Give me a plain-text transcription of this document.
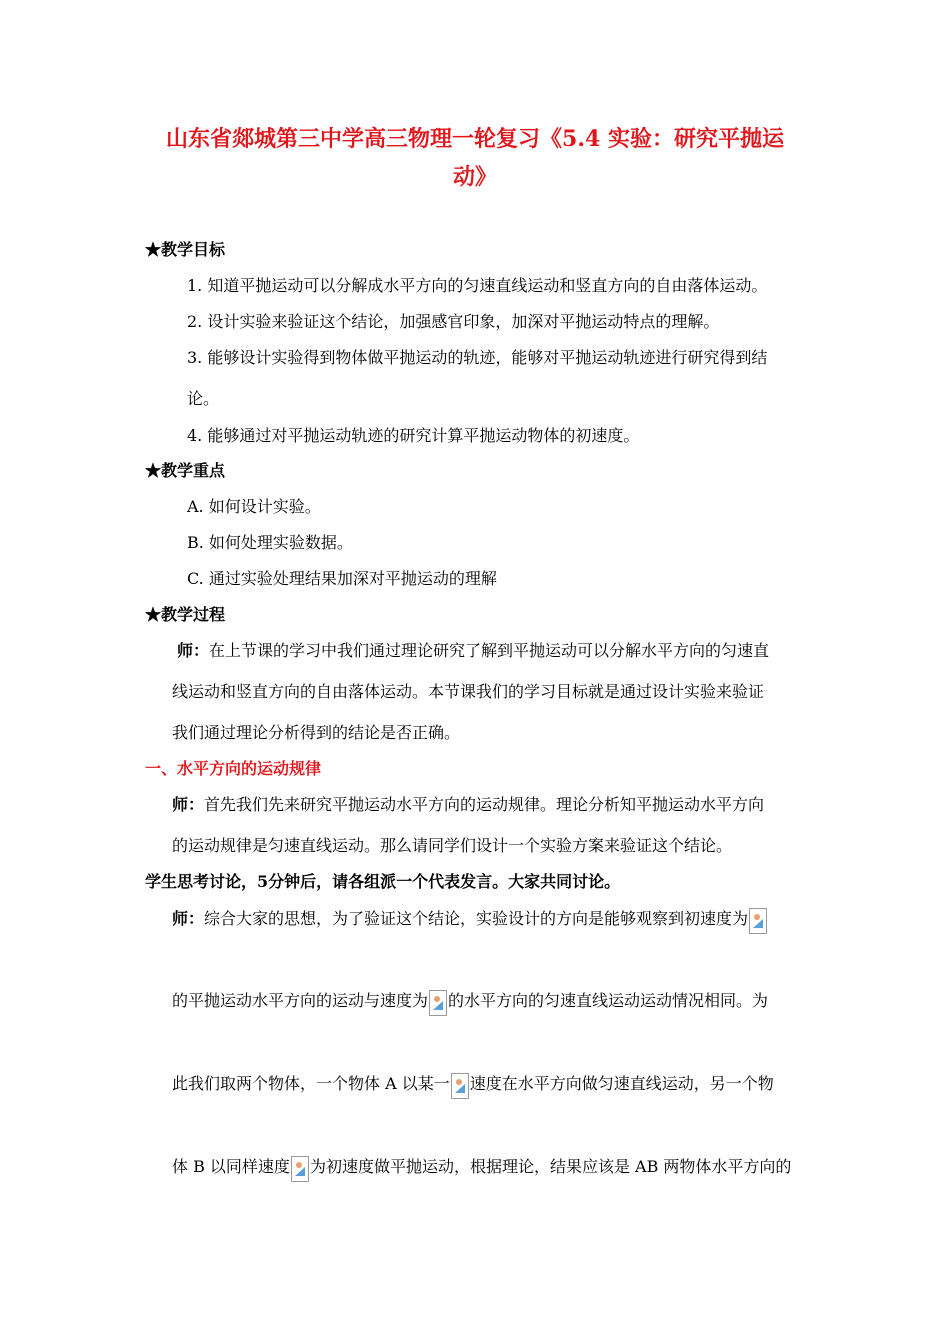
山东省郯城第三中学高三物理一轮复习《5.4 实验：研究平抛运
动》
★教学目标
1. 知道平抛运动可以分解成水平方向的匀速直线运动和竖直方向的自由落体运动。
2. 设计实验来验证这个结论，加强感官印象，加深对平抛运动特点的理解。
3. 能够设计实验得到物体做平抛运动的轨迹，能够对平抛运动轨迹进行研究得到结
论。
4. 能够通过对平抛运动轨迹的研究计算平抛运动物体的初速度。
★教学重点
A. 如何设计实验。
B. 如何处理实验数据。
C. 通过实验处理结果加深对平抛运动的理解
★教学过程
师：在上节课的学习中我们通过理论研究了解到平抛运动可以分解水平方向的匀速直
线运动和竖直方向的自由落体运动。本节课我们的学习目标就是通过设计实验来验证
我们通过理论分析得到的结论是否正确。
一、水平方向的运动规律
师：首先我们先来研究平抛运动水平方向的运动规律。理论分析知平抛运动水平方向
的运动规律是匀速直线运动。那么请同学们设计一个实验方案来验证这个结论。
学生思考讨论，5分钟后，请各组派一个代表发言。大家共同讨论。
师：综合大家的思想，为了验证这个结论，实验设计的方向是能够观察到初速度为
的平抛运动水平方向的运动与速度为 的水平方向的匀速直线运动运动情况相同。为
此我们取两个物体，一个物体 A 以某一 速度在水平方向做匀速直线运动，另一个物
体 B 以同样速度 为初速度做平抛运动，根据理论，结果应该是 AB 两物体水平方向的
